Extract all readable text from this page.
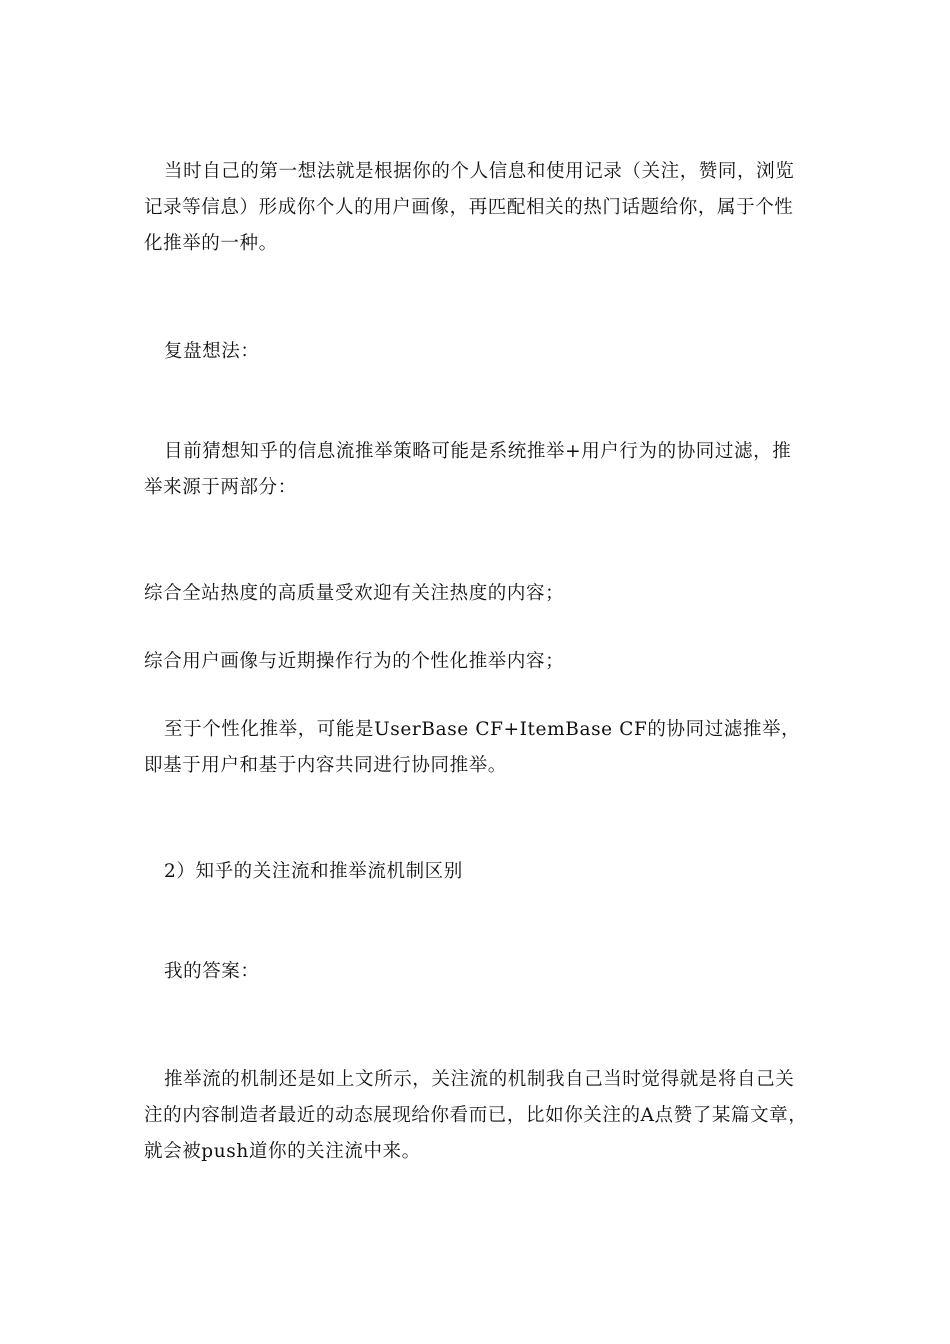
当时自己的第一想法就是根据你的个人信息和使用记录（关注，赞同，浏览记录等信息）形成你个人的用户画像，再匹配相关的热门话题给你，属于个性化推举的一种。

复盘想法：

目前猜想知乎的信息流推举策略可能是系统推举+用户行为的协同过滤，推举来源于两部分：

综合全站热度的高质量受欢迎有关注热度的内容；

综合用户画像与近期操作行为的个性化推举内容；

至于个性化推举，可能是UserBase CF+ItemBase CF的协同过滤推举，即基于用户和基于内容共同进行协同推举。

2）知乎的关注流和推举流机制区别

我的答案：

推举流的机制还是如上文所示，关注流的机制我自己当时觉得就是将自己关注的内容制造者最近的动态展现给你看而已，比如你关注的A点赞了某篇文章，就会被push道你的关注流中来。
